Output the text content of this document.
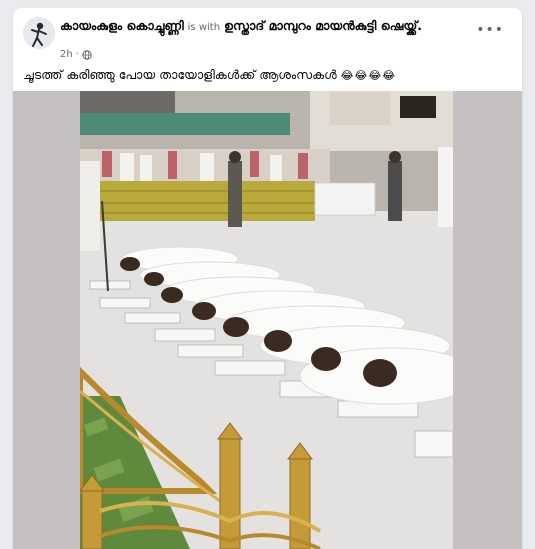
കായംകുളം കൊച്ചുണ്ണി is with ഉസ്താദ് മാമ്പുറം മായൻകുട്ടി ഷെയ്ക്ക്.
2h ·
•••
ചൂടത്ത് കരിഞ്ഞു പോയ തായോളികൾക്ക് ആശംസകൾ 😂😂😂😂
